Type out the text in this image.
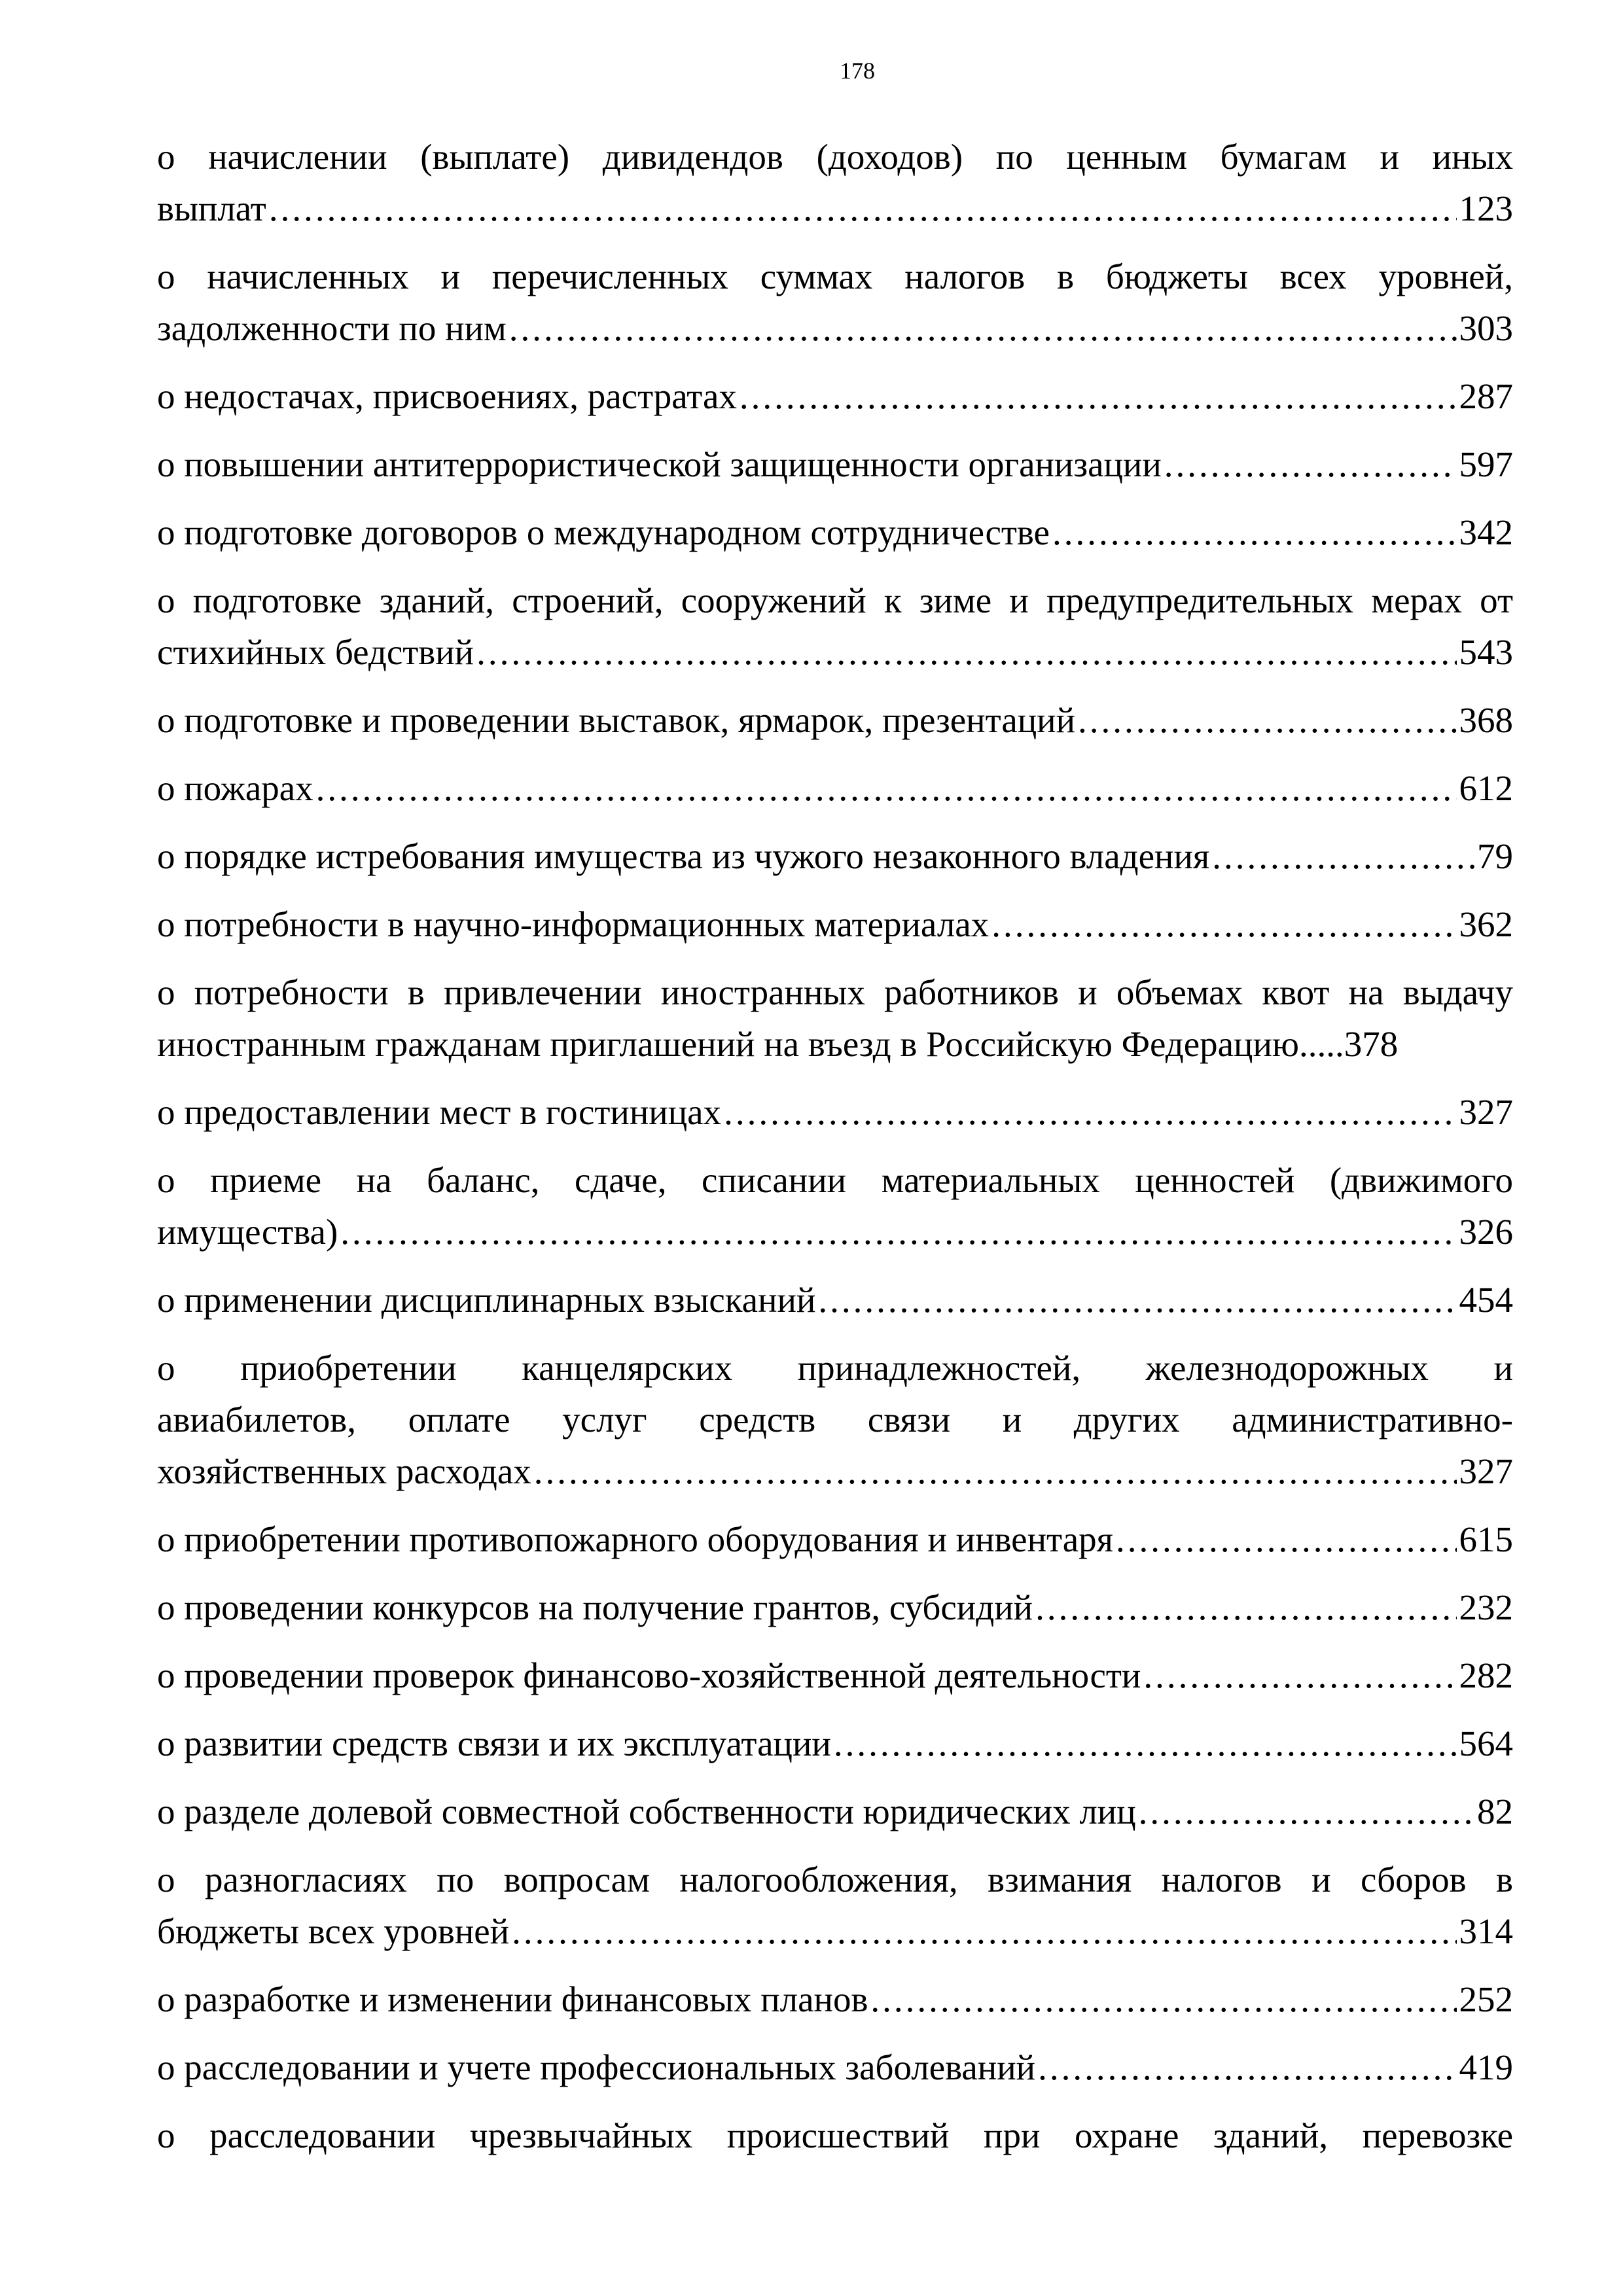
178
о начислении (выплате) дивидендов (доходов) по ценным бумагам и иных
выплат .....	123
о начисленных и перечисленных суммах налогов в бюджеты всех уровней,
задолженности по ним .....	303
о недостачах, присвоениях, растратах .....	287
о повышении антитеррористической защищенности организации .....	597
о подготовке договоров о международном сотрудничестве .....	342
о подготовке зданий, строений, сооружений к зиме и предупредительных мерах от
стихийных бедствий .....	543
о подготовке и проведении выставок, ярмарок, презентаций .....	368
о пожарах .....	612
о порядке истребования имущества из чужого незаконного владения .....	79
о потребности в научно-информационных материалах .....	362
о потребности в привлечении иностранных работников и объемах квот на выдачу
иностранным гражданам приглашений на въезд в Российскую Федерацию .....	378
о предоставлении мест в гостиницах .....	327
о приеме на баланс, сдаче, списании материальных ценностей (движимого
имущества) .....	326
о применении дисциплинарных взысканий .....	454
о приобретении канцелярских принадлежностей, железнодорожных и
авиабилетов, оплате услуг средств связи и других административно-
хозяйственных расходах .....	327
о приобретении противопожарного оборудования и инвентаря .....	615
о проведении конкурсов на получение грантов, субсидий .....	232
о проведении проверок финансово-хозяйственной деятельности .....	282
о развитии средств связи и их эксплуатации .....	564
о разделе долевой совместной собственности юридических лиц .....	82
о разногласиях по вопросам налогообложения, взимания налогов и сборов в
бюджеты всех уровней .....	314
о разработке и изменении финансовых планов .....	252
о расследовании и учете профессиональных заболеваний .....	419
о расследовании чрезвычайных происшествий при охране зданий, перевозке
